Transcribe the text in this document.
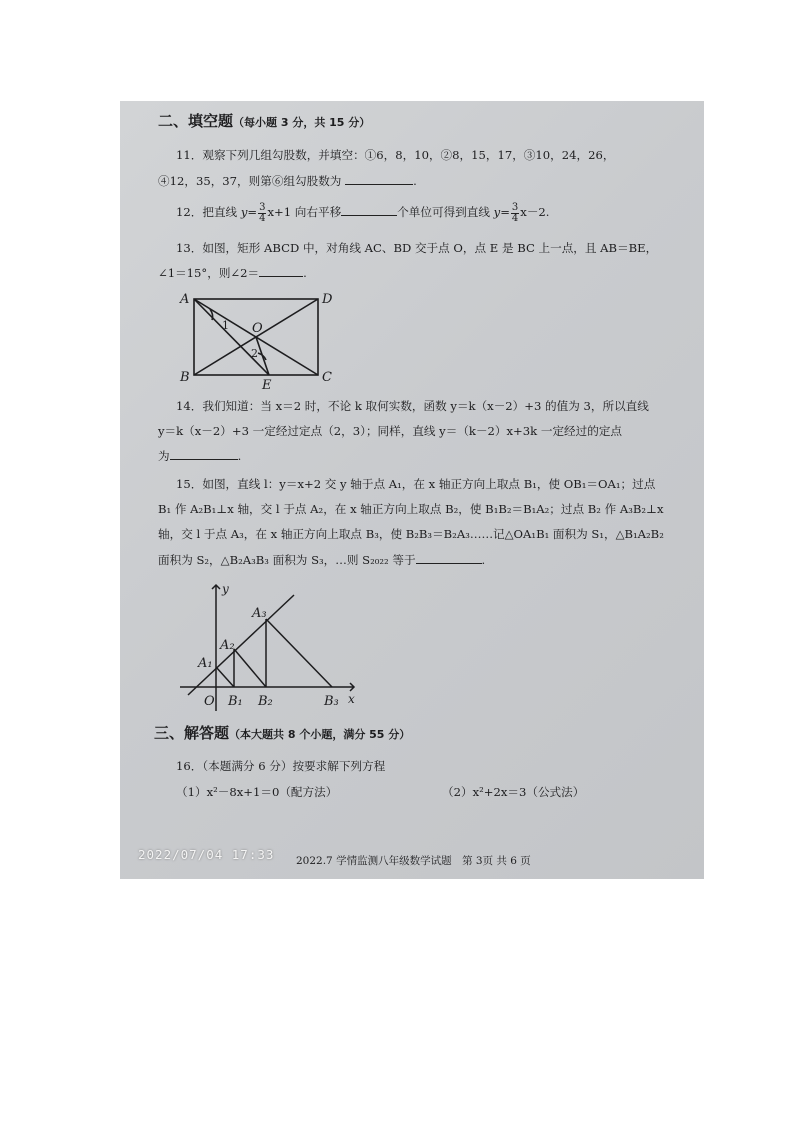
二、填空题（每小题 3 分，共 15 分）
11．观察下列几组勾股数，并填空：①6，8，10，②8，15，17，③10，24，26，
④12，35，37，则第⑥组勾股数为	.
12．把直线 $y= \frac{3}{4} x+1$ 向右平移	个单位可得到直线 $y= \frac{3}{4} x-2$.
13．如图，矩形 ABCD 中，对角线 AC、BD 交于点 O，点 E 是 BC 上一点，且 AB＝BE，
∠1＝15°，则∠2＝	.
A	D
B	C
O
E
1
2
14．我们知道：当 x＝2 时，不论 k 取何实数，函数 y＝k（x－2）+3 的值为 3，所以直线
y＝k（x－2）+3 一定经过定点（2，3）；同样，直线 y＝（k－2）x+3k 一定经过的定点
为	.
15．如图，直线 l：y＝x+2 交 y 轴于点 A₁，在 x 轴正方向上取点 B₁，使 OB₁＝OA₁；过点
B₁ 作 A₂B₁⊥x 轴，交 l 于点 A₂，在 x 轴正方向上取点 B₂，使 B₁B₂＝B₁A₂；过点 B₂ 作 A₃B₂⊥x
轴，交 l 于点 A₃，在 x 轴正方向上取点 B₃，使 B₂B₃＝B₂A₃……记△OA₁B₁ 面积为 S₁，△B₁A₂B₂
面积为 S₂，△B₂A₃B₃ 面积为 S₃，…则 S₂₀₂₂ 等于	.
y
x
O
A₁
A₂
A₃
B₁ B₂	B₃
三、解答题（本大题共 8 个小题，满分 55 分）
16．（本题满分 6 分）按要求解下列方程
（1）x²－8x+1＝0（配方法）	（2）x²+2x＝3（公式法）
2022/07/04 17:33 2022.7 学情监测八年级数学试题　第 3页 共 6 页
